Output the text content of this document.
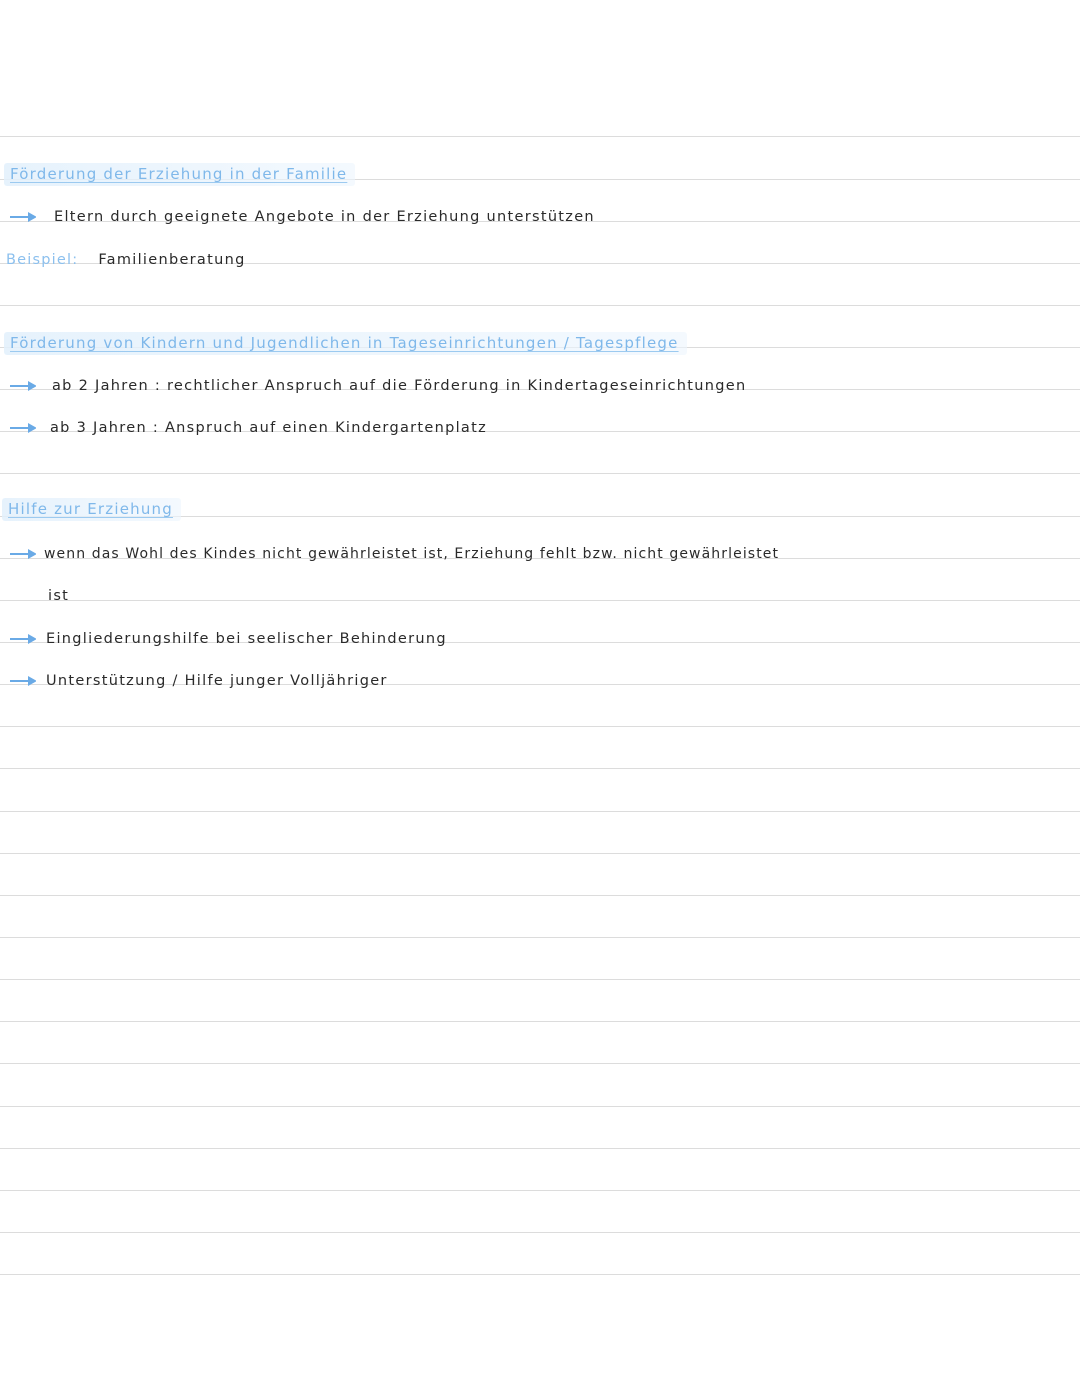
Förderung der Erziehung in der Familie
Eltern durch geeignete Angebote in der Erziehung unterstützen
Beispiel: Familienberatung
Förderung von Kindern und Jugendlichen in Tageseinrichtungen / Tagespflege
ab 2 Jahren : rechtlicher Anspruch auf die Förderung in Kindertageseinrichtungen
ab 3 Jahren : Anspruch auf einen Kindergartenplatz
Hilfe zur Erziehung
wenn das Wohl des Kindes nicht gewährleistet ist, Erziehung fehlt bzw. nicht gewährleistet
ist
Eingliederungshilfe bei seelischer Behinderung
Unterstützung / Hilfe junger Volljähriger
